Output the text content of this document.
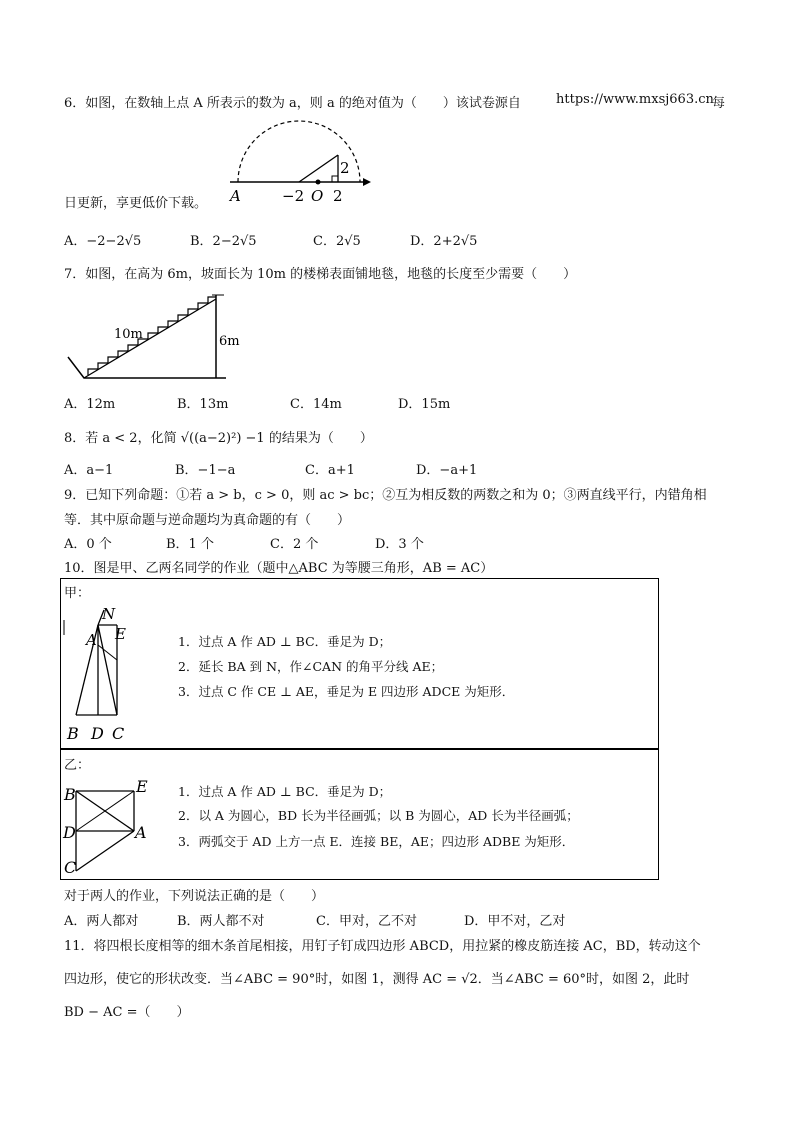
6．如图，在数轴上点 A 所表示的数为 a，则 a 的绝对值为（　　）该试卷源自	https://www.mxsj663.cn
每
A	−2 O 2
2
日更新，享更低价下载。
A．−2−2√5	B．2−2√5	C．2√5	D．2+2√5
7．如图，在高为 6m，坡面长为 10m 的楼梯表面铺地毯，地毯的长度至少需要（　　）
10m	6m
A．12m	B．13m	C．14m	D．15m
8．若 a < 2，化简 √((a−2)²) −1 的结果为（　　）
A．a−1	B．−1−a	C．a+1	D．−a+1
9．已知下列命题：①若 a > b，c > 0，则 ac > bc；②互为相反数的两数之和为 0；③两直线平行，内错角相
等．其中原命题与逆命题均为真命题的有（　　）
A．0 个	B．1 个	C．2 个	D．3 个
10．图是甲、乙两名同学的作业（题中△ABC 为等腰三角形，AB = AC）
甲：
N
A E
B D C
1．过点 A 作 AD ⊥ BC．垂足为 D；
2．延长 BA 到 N，作∠CAN 的角平分线 AE；
3．过点 C 作 CE ⊥ AE，垂足为 E 四边形 ADCE 为矩形．
乙：
B	E
D	A
C
1．过点 A 作 AD ⊥ BC．垂足为 D；
2．以 A 为圆心，BD 长为半径画弧；以 B 为圆心，AD 长为半径画弧；
3．两弧交于 AD 上方一点 E．连接 BE，AE；四边形 ADBE 为矩形．
对于两人的作业，下列说法正确的是（　　）
A．两人都对	B．两人都不对	C．甲对，乙不对	D．甲不对，乙对
11．将四根长度相等的细木条首尾相接，用钉子钉成四边形 ABCD，用拉紧的橡皮筋连接 AC，BD，转动这个
四边形，使它的形状改变．当∠ABC = 90°时，如图 1，测得 AC = √2．当∠ABC = 60°时，如图 2，此时
BD − AC =（　　）
